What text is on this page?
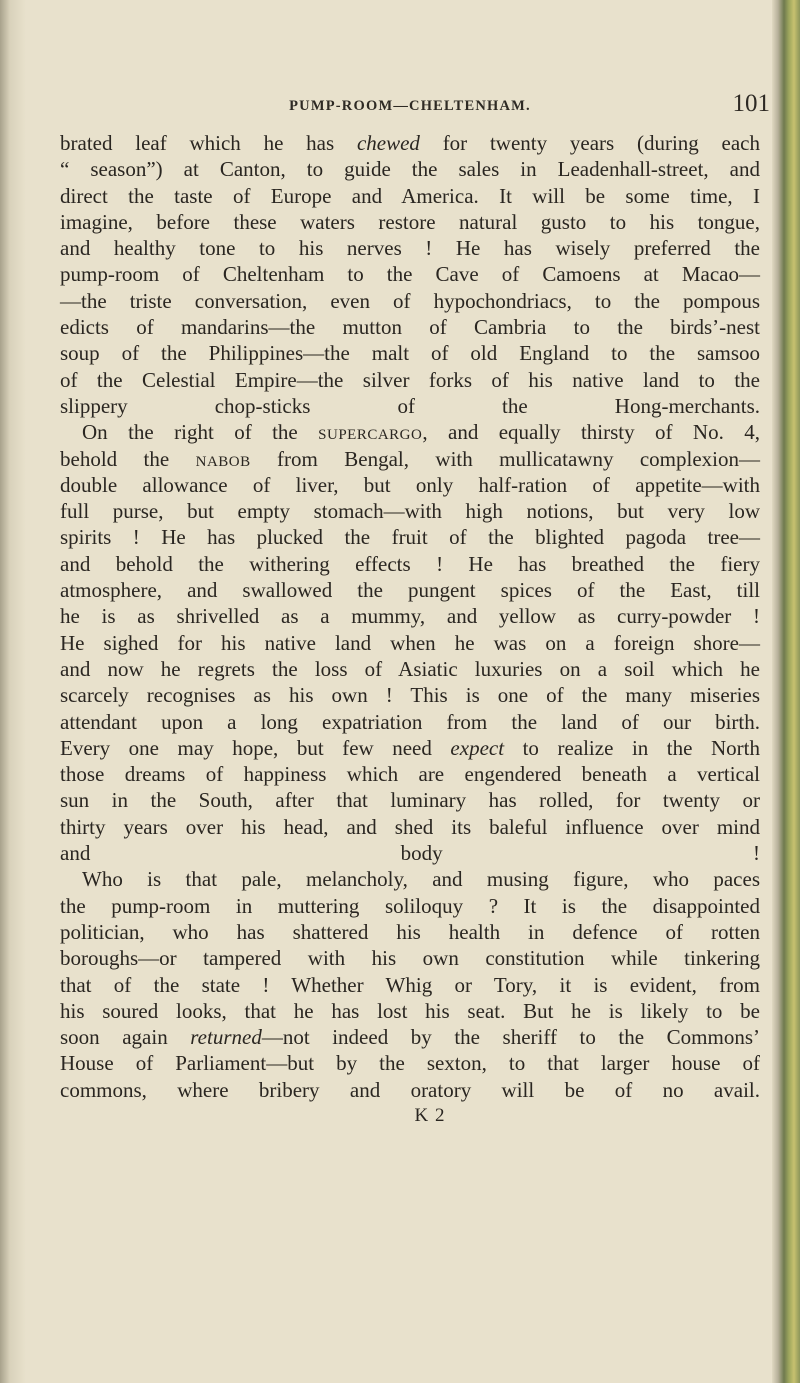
PUMP-ROOM—CHELTENHAM.	101

brated leaf which he has chewed for twenty years (during each
“ season”) at Canton, to guide the sales in Leadenhall-street, and
direct the taste of Europe and America. It will be some time, I
imagine, before these waters restore natural gusto to his tongue,
and healthy tone to his nerves ! He has wisely preferred the
pump-room of Cheltenham to the Cave of Camoens at Macao—
—the triste conversation, even of hypochondriacs, to the pompous
edicts of mandarins—the mutton of Cambria to the birds’-nest
soup of the Philippines—the malt of old England to the samsoo
of the Celestial Empire—the silver forks of his native land to the
slippery chop-sticks of the Hong-merchants.

On the right of the supercargo, and equally thirsty of No. 4,
behold the nabob from Bengal, with mullicatawny complexion—
double allowance of liver, but only half-ration of appetite—with
full purse, but empty stomach—with high notions, but very low
spirits ! He has plucked the fruit of the blighted pagoda tree—
and behold the withering effects ! He has breathed the fiery
atmosphere, and swallowed the pungent spices of the East, till
he is as shrivelled as a mummy, and yellow as curry-powder !
He sighed for his native land when he was on a foreign shore—
and now he regrets the loss of Asiatic luxuries on a soil which he
scarcely recognises as his own ! This is one of the many miseries
attendant upon a long expatriation from the land of our birth.
Every one may hope, but few need expect to realize in the North
those dreams of happiness which are engendered beneath a vertical
sun in the South, after that luminary has rolled, for twenty or
thirty years over his head, and shed its baleful influence over mind
and body !

Who is that pale, melancholy, and musing figure, who paces
the pump-room in muttering soliloquy ? It is the disappointed
politician, who has shattered his health in defence of rotten
boroughs—or tampered with his own constitution while tinkering
that of the state ! Whether Whig or Tory, it is evident, from
his soured looks, that he has lost his seat. But he is likely to be
soon again returned—not indeed by the sheriff to the Commons’
House of Parliament—but by the sexton, to that larger house of
commons, where bribery and oratory will be of no avail.

K 2
